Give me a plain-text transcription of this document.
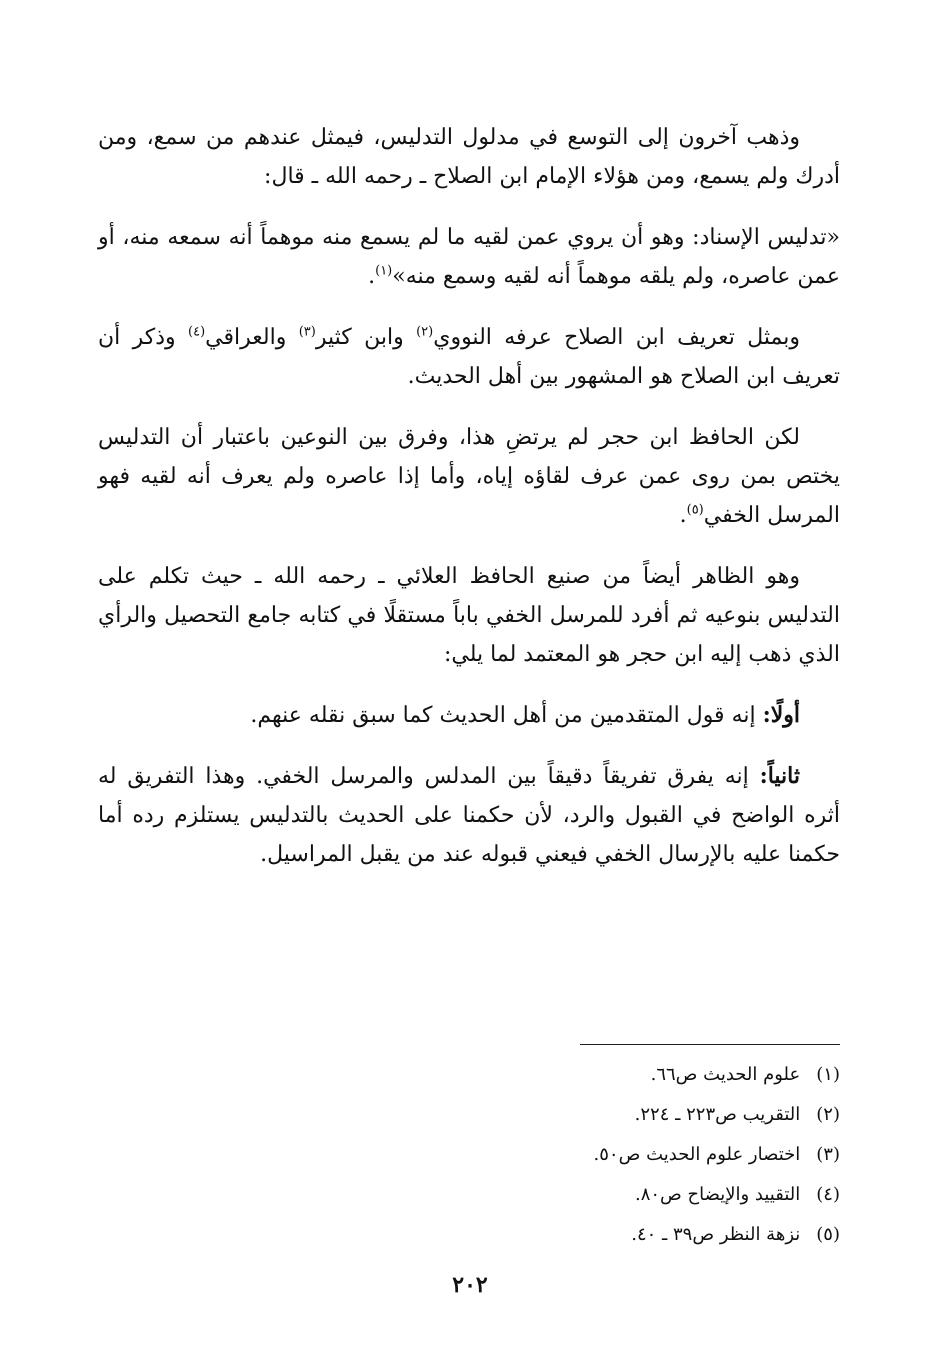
وذهب آخرون إلى التوسع في مدلول التدليس، فيمثل عندهم من سمع، ومن أدرك ولم يسمع، ومن هؤلاء الإمام ابن الصلاح ـ رحمه الله ـ قال:

«تدليس الإسناد: وهو أن يروي عمن لقيه ما لم يسمع منه موهماً أنه سمعه منه، أو عمن عاصره، ولم يلقه موهماً أنه لقيه وسمع منه»$^{(١)}$.

وبمثل تعريف ابن الصلاح عرفه النووي$^{(٢)}$ وابن كثير$^{(٣)}$ والعراقي$^{(٤)}$ وذكر أن تعريف ابن الصلاح هو المشهور بين أهل الحديث.

لكن الحافظ ابن حجر لم يرتضِ هذا، وفرق بين النوعين باعتبار أن التدليس يختص بمن روى عمن عرف لقاؤه إياه، وأما إذا عاصره ولم يعرف أنه لقيه فهو المرسل الخفي$^{(٥)}$.

وهو الظاهر أيضاً من صنيع الحافظ العلائي ـ رحمه الله ـ حيث تكلم على التدليس بنوعيه ثم أفرد للمرسل الخفي باباً مستقلًا في كتابه جامع التحصيل والرأي الذي ذهب إليه ابن حجر هو المعتمد لما يلي:

أولًا: إنه قول المتقدمين من أهل الحديث كما سبق نقله عنهم.

ثانياً: إنه يفرق تفريقاً دقيقاً بين المدلس والمرسل الخفي. وهذا التفريق له أثره الواضح في القبول والرد، لأن حكمنا على الحديث بالتدليس يستلزم رده أما حكمنا عليه بالإرسال الخفي فيعني قبوله عند من يقبل المراسيل.

(١) علوم الحديث ص٦٦.
(٢) التقريب ص٢٢٣ ـ ٢٢٤.
(٣) اختصار علوم الحديث ص٥٠.
(٤) التقييد والإيضاح ص٨٠.
(٥) نزهة النظر ص٣٩ ـ ٤٠.
٢٠٢
